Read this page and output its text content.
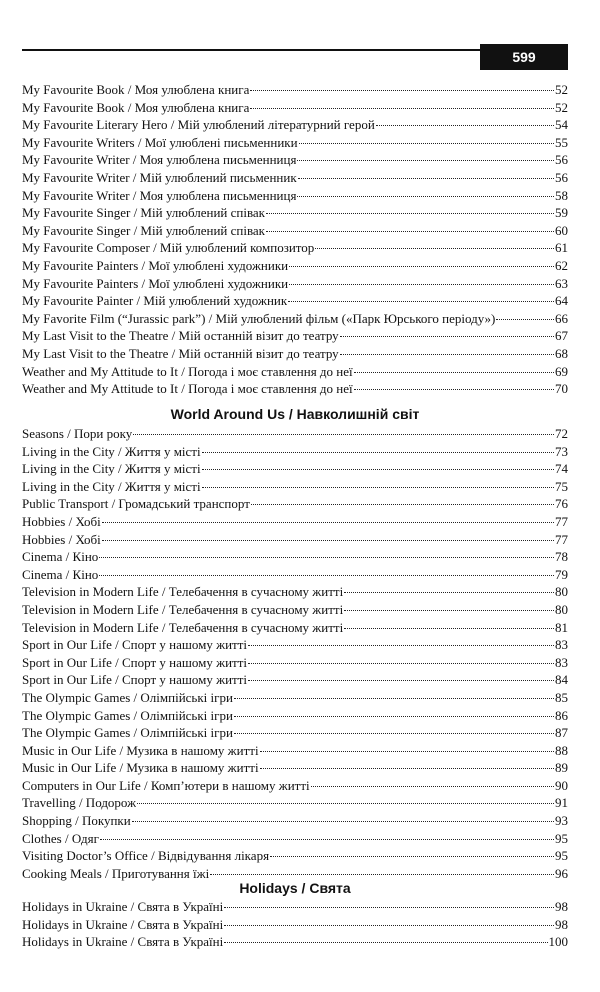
599
My Favourite Book / Моя улюблена книга	52
My Favourite Book / Моя улюблена книга	52
My Favourite Literary Hero / Мій улюблений літературний герой	54
My Favourite Writers / Мої улюблені письменники	55
My Favourite Writer / Моя улюблена письменниця	56
My Favourite Writer / Мій улюблений письменник	56
My Favourite Writer / Моя улюблена письменниця	58
My Favourite Singer / Мій улюблений співак	59
My Favourite Singer / Мій улюблений співак	60
My Favourite Composer / Мій улюблений композитор	61
My Favourite Painters / Мої улюблені художники	62
My Favourite Painters / Мої улюблені художники	63
My Favourite Painter / Мій улюблений художник	64
My Favorite Film (“Jurassic park”) / Мій улюблений фільм («Парк Юрського періоду»)	66
My Last Visit to the Theatre / Мій останній візит до театру	67
My Last Visit to the Theatre / Мій останній візит до театру	68
Weather and My Attitude to It / Погода і моє ставлення до неї	69
Weather and My Attitude to It / Погода і моє ставлення до неї	70
World Around Us / Навколишній світ
Seasons / Пори року	72
Living in the City / Життя у місті	73
Living in the City / Життя у місті	74
Living in the City / Життя у місті	75
Public Transport / Громадський транспорт	76
Hobbies / Хобі	77
Hobbies / Хобі	77
Cinema / Кіно	78
Cinema / Кіно	79
Television in Modern Life / Телебачення в сучасному житті	80
Television in Modern Life / Телебачення в сучасному житті	80
Television in Modern Life / Телебачення в сучасному житті	81
Sport in Our Life / Спорт у нашому житті	83
Sport in Our Life / Спорт у нашому житті	83
Sport in Our Life / Спорт у нашому житті	84
The Olympic Games / Олімпійські ігри	85
The Olympic Games / Олімпійські ігри	86
The Olympic Games / Олімпійські ігри	87
Music in Our Life / Музика в нашому житті	88
Music in Our Life / Музика в нашому житті	89
Computers in Our Life / Комп’ютери в нашому житті	90
Travelling / Подорож	91
Shopping / Покупки	93
Clothes / Одяг	95
Visiting Doctor’s Office / Відвідування лікаря	95
Cooking Meals / Приготування їжі	96
Holidays / Свята
Holidays in Ukraine / Свята в Україні	98
Holidays in Ukraine / Свята в Україні	98
Holidays in Ukraine / Свята в Україні	100
